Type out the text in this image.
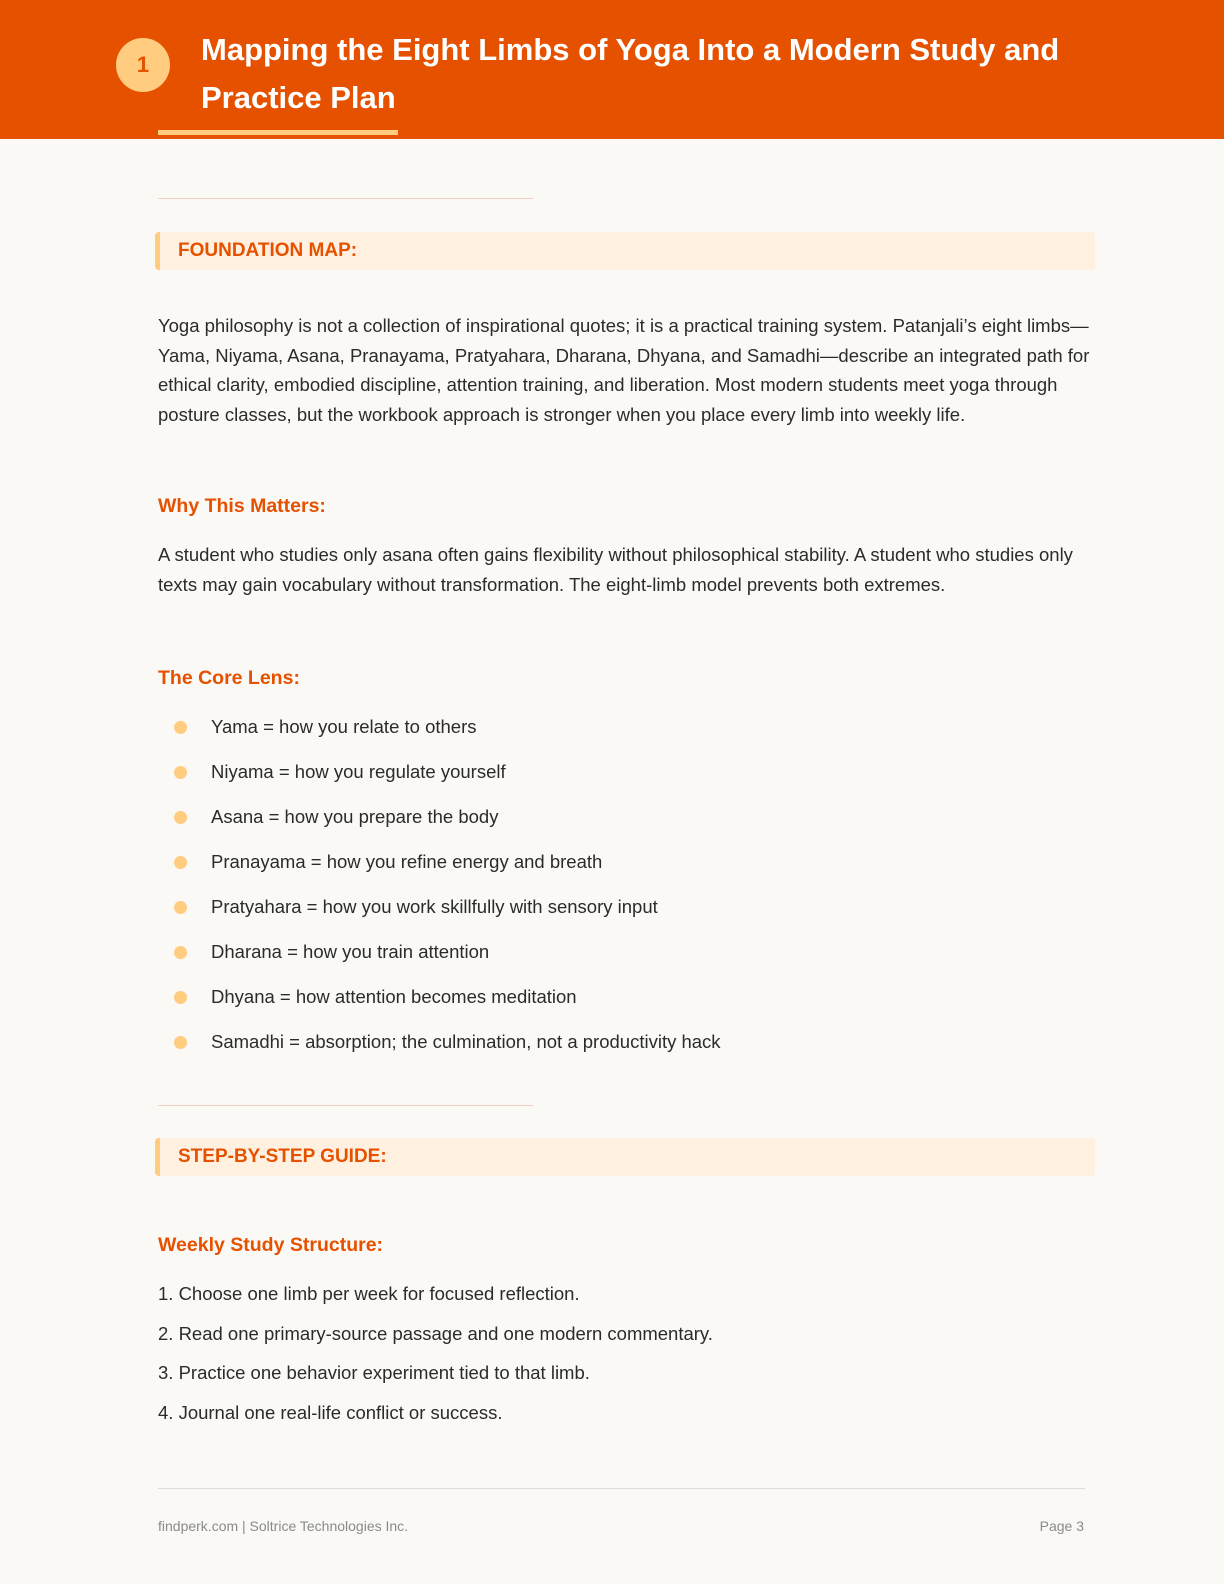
1	Mapping the Eight Limbs of Yoga Into a Modern Study and Practice Plan
FOUNDATION MAP:

Yoga philosophy is not a collection of inspirational quotes; it is a practical training system. Patanjali’s eight limbs—Yama, Niyama, Asana, Pranayama, Pratyahara, Dharana, Dhyana, and Samadhi—describe an integrated path for ethical clarity, embodied discipline, attention training, and liberation. Most modern students meet yoga through posture classes, but the workbook approach is stronger when you place every limb into weekly life.

Why This Matters:

A student who studies only asana often gains flexibility without philosophical stability. A student who studies only texts may gain vocabulary without transformation. The eight-limb model prevents both extremes.

The Core Lens:
Yama = how you relate to others
Niyama = how you regulate yourself
Asana = how you prepare the body
Pranayama = how you refine energy and breath
Pratyahara = how you work skillfully with sensory input
Dharana = how you train attention
Dhyana = how attention becomes meditation
Samadhi = absorption; the culmination, not a productivity hack
STEP-BY-STEP GUIDE:
Weekly Study Structure:
1. Choose one limb per week for focused reflection.
2. Read one primary-source passage and one modern commentary.
3. Practice one behavior experiment tied to that limb.
4. Journal one real-life conflict or success.
findperk.com | Soltrice Technologies Inc.	Page 3
